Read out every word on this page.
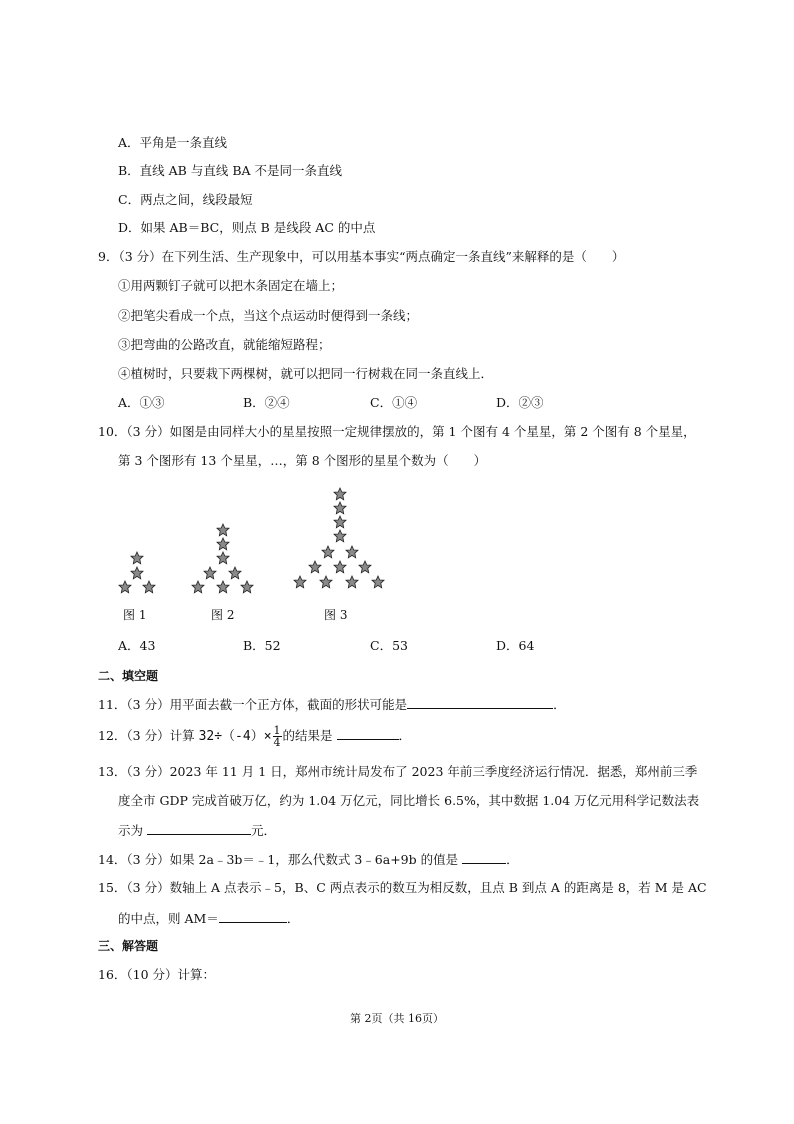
A．平角是一条直线
B．直线 AB 与直线 BA 不是同一条直线
C．两点之间，线段最短
D．如果 AB＝BC，则点 B 是线段 AC 的中点
9．（3 分）在下列生活、生产现象中，可以用基本事实“两点确定一条直线”来解释的是（　　）
①用两颗钉子就可以把木条固定在墙上；
②把笔尖看成一个点，当这个点运动时便得到一条线；
③把弯曲的公路改直，就能缩短路程；
④植树时，只要栽下两棵树，就可以把同一行树栽在同一条直线上．
A．①③	B．②④	C．①④	D．②③
10．（3 分）如图是由同样大小的星星按照一定规律摆放的，第 1 个图有 4 个星星，第 2 个图有 8 个星星，
第 3 个图形有 13 个星星，…，第 8 个图形的星星个数为（　　）
图 1	图 2	图 3
A．43	B．52	C．53	D．64
二、填空题
11．（3 分）用平面去截一个正方体，截面的形状可能是	．
12．（3 分）计算 $32\div(-4)\times \frac{1}{4}$ 的结果是	．
13．（3 分）2023 年 11 月 1 日，郑州市统计局发布了 2023 年前三季度经济运行情况．据悉，郑州前三季
度全市 GDP 完成首破万亿，约为 1.04 万亿元，同比增长 6.5%，其中数据 1.04 万亿元用科学记数法表
示为	元．
14．（3 分）如果 2a﹣3b＝﹣1，那么代数式 3﹣6a+9b 的值是	．
15．（3 分）数轴上 A 点表示﹣5，B、C 两点表示的数互为相反数，且点 B 到点 A 的距离是 8，若 M 是 AC
的中点，则 AM＝	．
三、解答题
16．（10 分）计算：
第 2页（共 16页）
